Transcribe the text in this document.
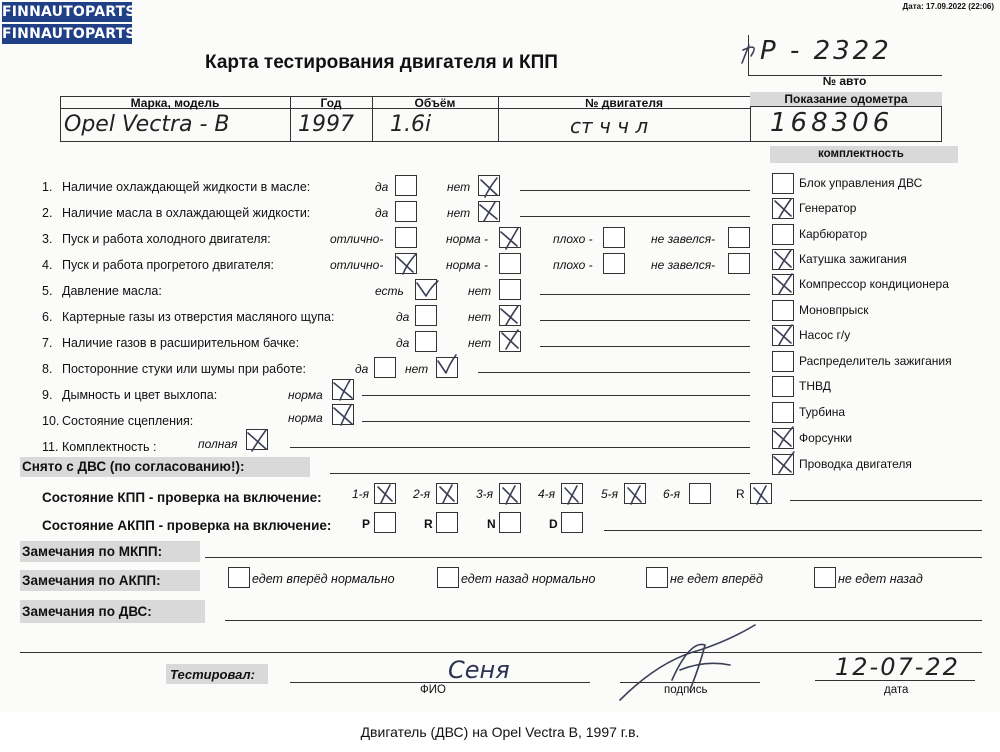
FINNAUTOPARTS
FINNAUTOPARTS
Дата: 17.09.2022 (22:06)
Карта тестирования двигателя и КПП	P - 2322
№ авто
Марка, модель	Год	Объём	№ двигателя	Показание одометра
Opel Vectra - B	1997 1.6i	ст ч ч л	168306
комплектность
1. Наличие охлаждающей жидкости в масле:	да	нет
2. Наличие масла в охлаждающей жидкости:	да	нет
3. Пуск и работа холодного двигателя:	отлично-	норма -	плохо -	не завелся-
4. Пуск и работа прогретого двигателя:	отлично-	норма -	плохо -	не завелся-
5. Давление масла:	есть	нет
6. Картерные газы из отверстия масляного щупа:	да	нет
7. Наличие газов в расширительном бачке:	да	нет
8. Посторонние стуки или шумы при работе:	да	нет
9. Дымность и цвет выхлопа:	норма
10. Состояние сцепления:	норма
11. Комплектность :	полная
Блок управления ДВС
Генератор
Карбюратор
Катушка зажигания
Компрессор кондиционера
Моновпрыск
Насос г/у
Распределитель зажигания
ТНВД
Турбина
Форсунки
Проводка двигателя
Снято с ДВС (по согласованию!):
Состояние КПП - проверка на включение:	1-я	2-я	3-я	4-я	5-я	6-я	R
Состояние АКПП - проверка на включение:	P	R	N	D
Замечания по МКПП:
Замечания по АКПП:	едет вперёд нормально	едет назад нормально	не едет вперёд	не едет назад
Замечания по ДВС:
Тестировал:	Сеня
ФИО	подпись
12-07-22
дата
Двигатель (ДВС) на Opel Vectra B, 1997 г.в.
